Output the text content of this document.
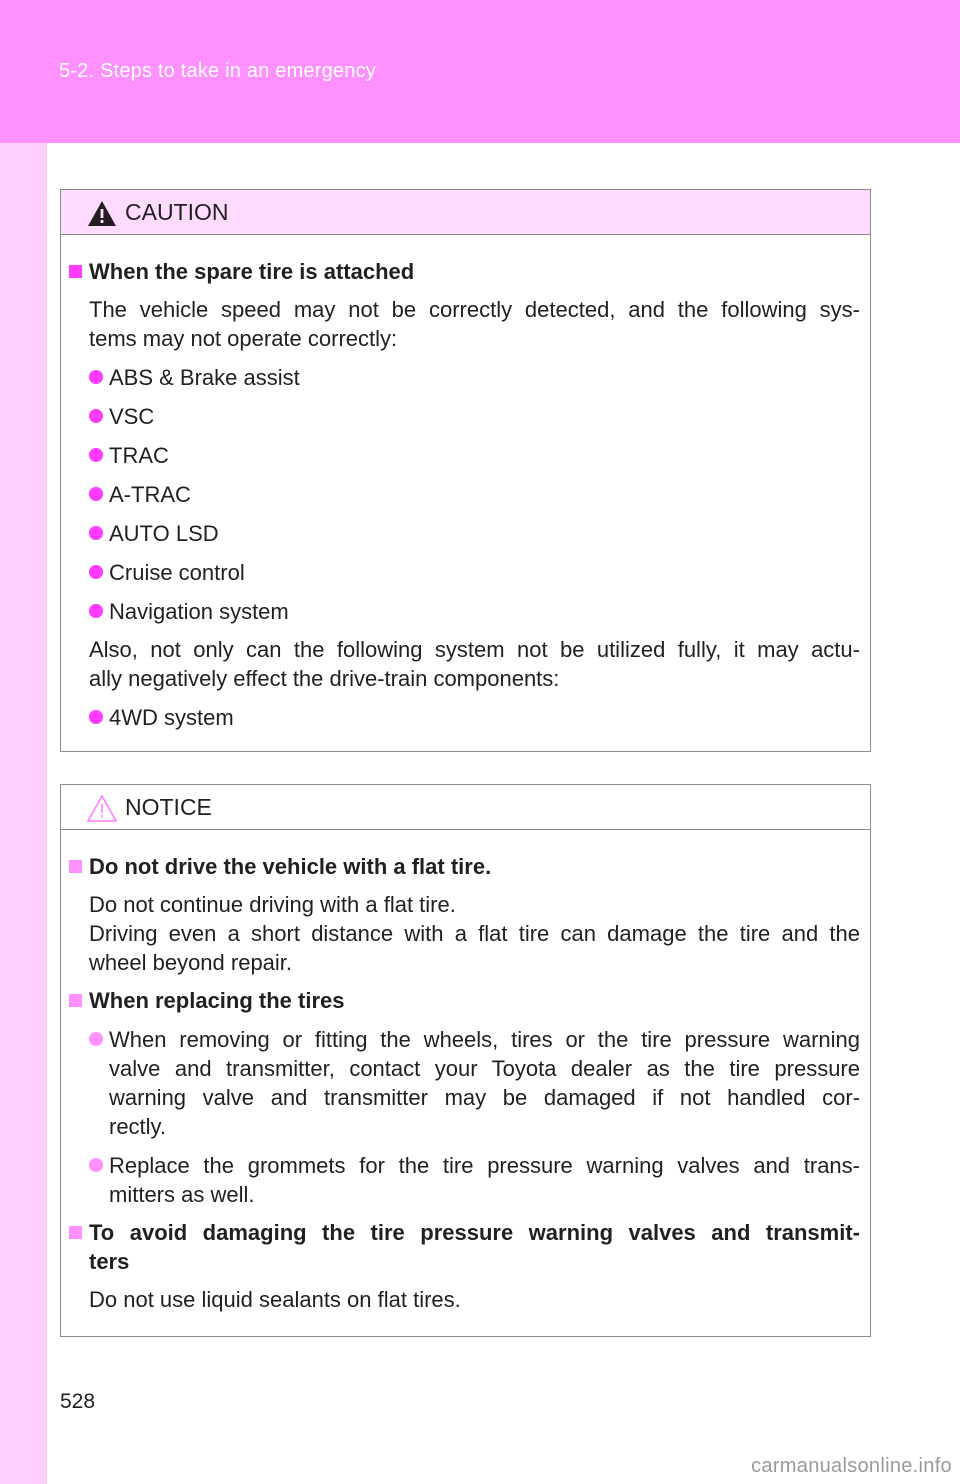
5-2. Steps to take in an emergency
CAUTION
When the spare tire is attached
The vehicle speed may not be correctly detected, and the following sys-
tems may not operate correctly:
ABS & Brake assist
VSC
TRAC
A-TRAC
AUTO LSD
Cruise control
Navigation system
Also, not only can the following system not be utilized fully, it may actu-
ally negatively effect the drive-train components:
4WD system
NOTICE
Do not drive the vehicle with a flat tire.
Do not continue driving with a flat tire.
Driving even a short distance with a flat tire can damage the tire and the
wheel beyond repair.
When replacing the tires
When removing or fitting the wheels, tires or the tire pressure warning
valve and transmitter, contact your Toyota dealer as the tire pressure
warning valve and transmitter may be damaged if not handled cor-
rectly.
Replace the grommets for the tire pressure warning valves and trans-
mitters as well.
To avoid damaging the tire pressure warning valves and transmit-
ters
Do not use liquid sealants on flat tires.
528
carmanualsonline.info
